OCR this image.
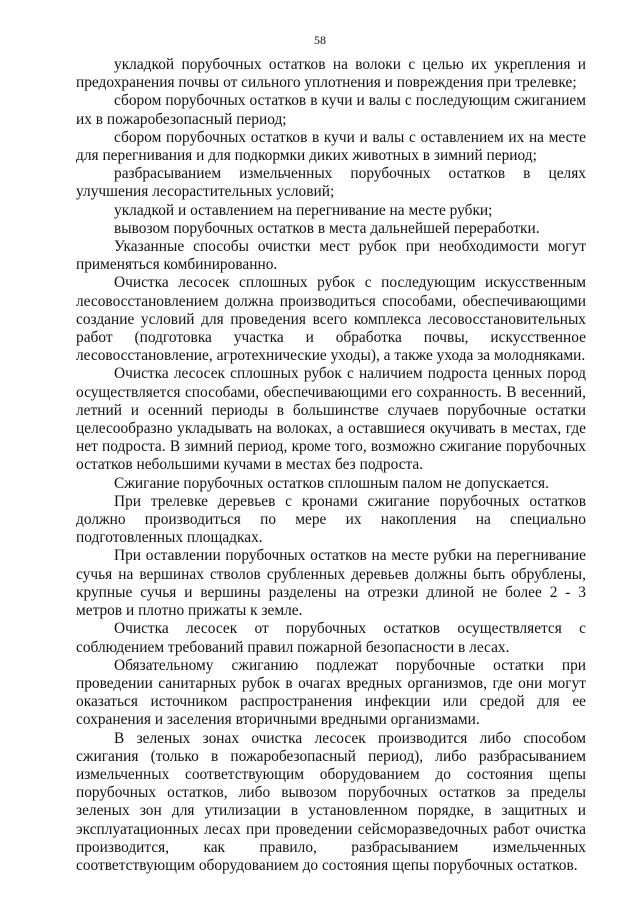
58

укладкой порубочных остатков на волоки с целью их укрепления и предохранения почвы от сильного уплотнения и повреждения при трелевке;

сбором порубочных остатков в кучи и валы с последующим сжиганием их в пожаробезопасный период;

сбором порубочных остатков в кучи и валы с оставлением их на месте для перегнивания и для подкормки диких животных в зимний период;

разбрасыванием измельченных порубочных остатков в целях улучшения лесорастительных условий;

укладкой и оставлением на перегнивание на месте рубки;

вывозом порубочных остатков в места дальнейшей переработки.

Указанные способы очистки мест рубок при необходимости могут применяться комбинированно.

Очистка лесосек сплошных рубок с последующим искусственным лесовосстановлением должна производиться способами, обеспечивающими создание условий для проведения всего комплекса лесовосстановительных работ (подготовка участка и обработка почвы, искусственное лесовосстановление, агротехнические уходы), а также ухода за молодняками.

Очистка лесосек сплошных рубок с наличием подроста ценных пород осуществляется способами, обеспечивающими его сохранность. В весенний, летний и осенний периоды в большинстве случаев порубочные остатки целесообразно укладывать на волоках, а оставшиеся окучивать в местах, где нет подроста. В зимний период, кроме того, возможно сжигание порубочных остатков небольшими кучами в местах без подроста.

Сжигание порубочных остатков сплошным палом не допускается.

При трелевке деревьев с кронами сжигание порубочных остатков должно производиться по мере их накопления на специально подготовленных площадках.

При оставлении порубочных остатков на месте рубки на перегнивание сучья на вершинах стволов срубленных деревьев должны быть обрублены, крупные сучья и вершины разделены на отрезки длиной не более 2 - 3 метров и плотно прижаты к земле.

Очистка лесосек от порубочных остатков осуществляется с соблюдением требований правил пожарной безопасности в лесах.

Обязательному сжиганию подлежат порубочные остатки при проведении санитарных рубок в очагах вредных организмов, где они могут оказаться источником распространения инфекции или средой для ее сохранения и заселения вторичными вредными организмами.

В зеленых зонах очистка лесосек производится либо способом сжигания (только в пожаробезопасный период), либо разбрасыванием измельченных соответствующим оборудованием до состояния щепы порубочных остатков, либо вывозом порубочных остатков за пределы зеленых зон для утилизации в установленном порядке, в защитных и эксплуатационных лесах при проведении сейсморазведочных работ очистка производится, как правило, разбрасыванием измельченных соответствующим оборудованием до состояния щепы порубочных остатков.
